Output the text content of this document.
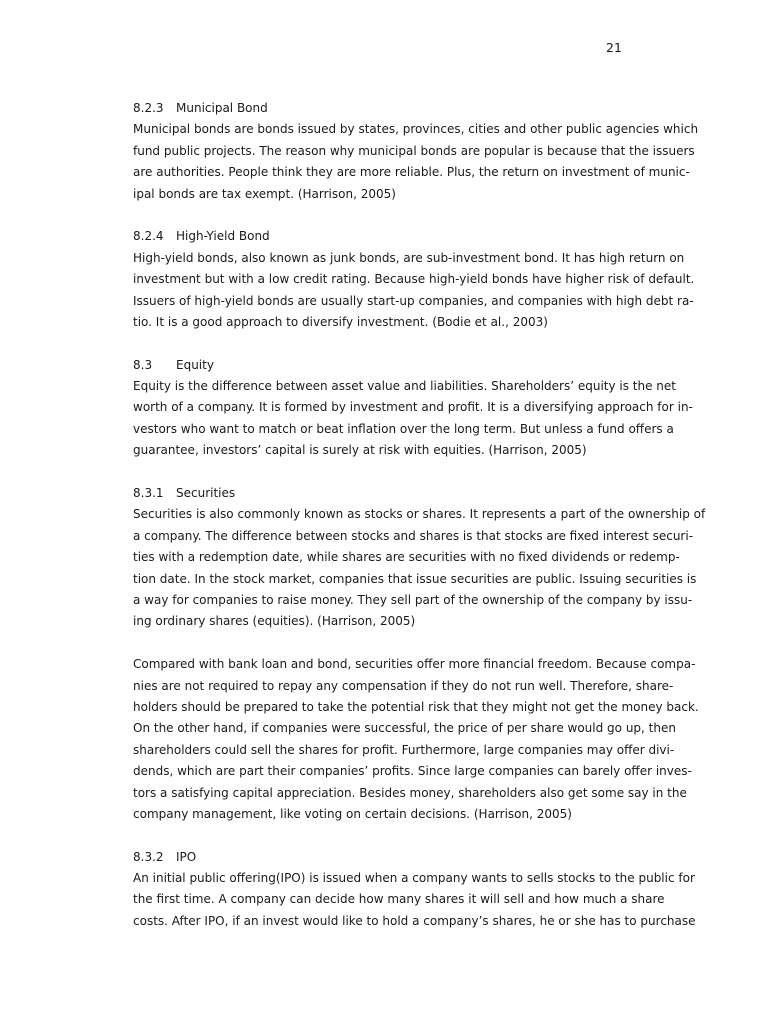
21
8.2.3 Municipal Bond
Municipal bonds are bonds issued by states, provinces, cities and other public agencies which
fund public projects. The reason why municipal bonds are popular is because that the issuers
are authorities. People think they are more reliable. Plus, the return on investment of munic-
ipal bonds are tax exempt. (Harrison, 2005)
8.2.4 High-Yield Bond
High-yield bonds, also known as junk bonds, are sub-investment bond. It has high return on
investment but with a low credit rating. Because high-yield bonds have higher risk of default.
Issuers of high-yield bonds are usually start-up companies, and companies with high debt ra-
tio. It is a good approach to diversify investment. (Bodie et al., 2003)
8.3 Equity
Equity is the difference between asset value and liabilities. Shareholders’ equity is the net
worth of a company. It is formed by investment and profit. It is a diversifying approach for in-
vestors who want to match or beat inflation over the long term. But unless a fund offers a
guarantee, investors’ capital is surely at risk with equities. (Harrison, 2005)
8.3.1 Securities
Securities is also commonly known as stocks or shares. It represents a part of the ownership of
a company. The difference between stocks and shares is that stocks are fixed interest securi-
ties with a redemption date, while shares are securities with no fixed dividends or redemp-
tion date. In the stock market, companies that issue securities are public. Issuing securities is
a way for companies to raise money. They sell part of the ownership of the company by issu-
ing ordinary shares (equities). (Harrison, 2005)
Compared with bank loan and bond, securities offer more financial freedom. Because compa-
nies are not required to repay any compensation if they do not run well. Therefore, share-
holders should be prepared to take the potential risk that they might not get the money back.
On the other hand, if companies were successful, the price of per share would go up, then
shareholders could sell the shares for profit. Furthermore, large companies may offer divi-
dends, which are part their companies’ profits. Since large companies can barely offer inves-
tors a satisfying capital appreciation. Besides money, shareholders also get some say in the
company management, like voting on certain decisions. (Harrison, 2005)
8.3.2 IPO
An initial public offering(IPO) is issued when a company wants to sells stocks to the public for
the first time. A company can decide how many shares it will sell and how much a share
costs. After IPO, if an invest would like to hold a company’s shares, he or she has to purchase
